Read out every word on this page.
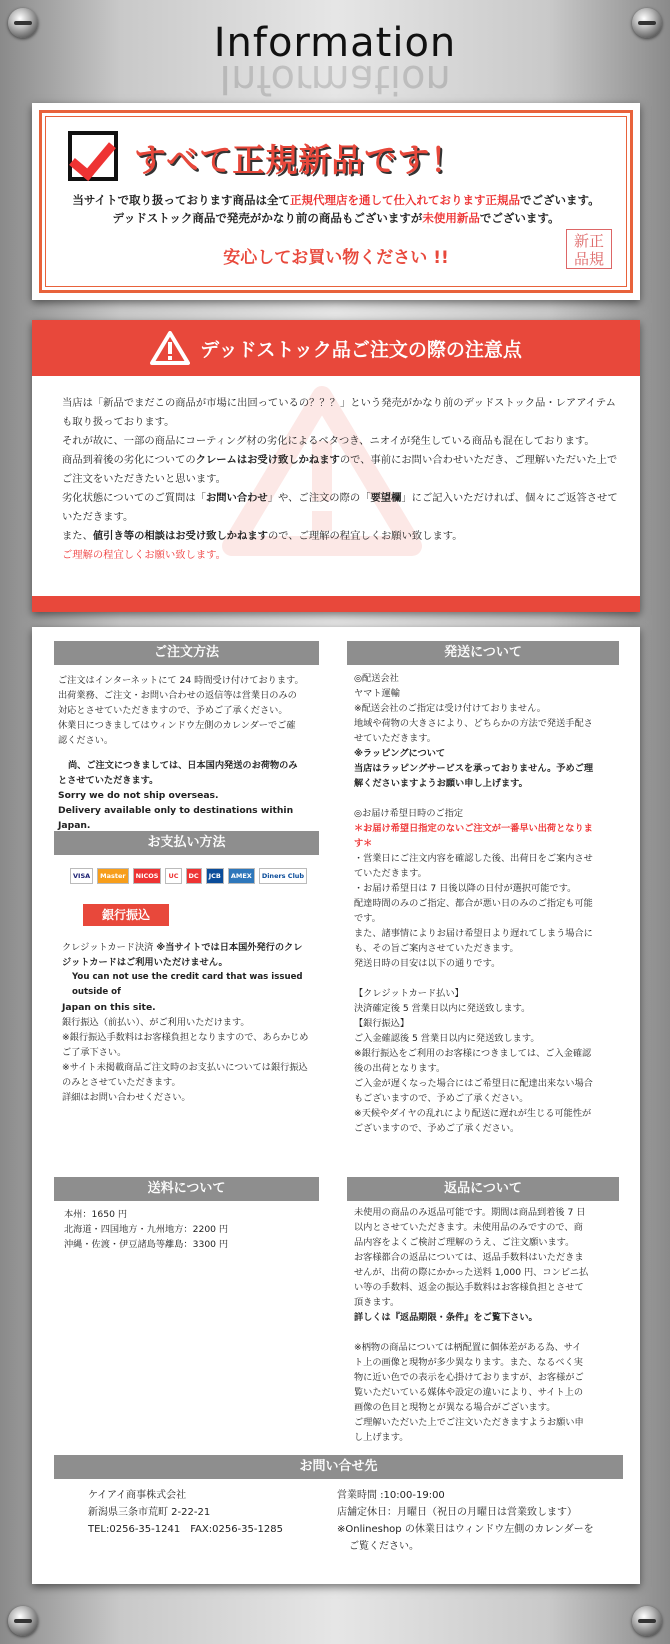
Information
Information
すべて正規新品です！
当サイトで取り扱っております商品は全て正規代理店を通して仕入れております正規品でございます。
デッドストック商品で発売がかなり前の商品もございますが未使用新品でございます。
安心してお買い物ください !!
新正
品規
デッドストック品ご注文の際の注意点

当店は「新品でまだこの商品が市場に出回っているの？？？」という発売がかなり前のデッドストック品・レアアイテムも取り扱っております。

それが故に、一部の商品にコーティング材の劣化によるベタつき、ニオイが発生している商品も混在しております。

商品到着後の劣化についてのクレームはお受け致しかねますので、事前にお問い合わせいただき、ご理解いただいた上でご注文をいただきたいと思います。

劣化状態についてのご質問は「お問い合わせ」や、ご注文の際の「要望欄」にご記入いただければ、個々にご返答させていただきます。

また、値引き等の相談はお受け致しかねますので、ご理解の程宜しくお願い致します。

ご理解の程宜しくお願い致します。

ご注文方法
ご注文はインターネットにて 24 時間受け付けております。
出荷業務、ご注文・お問い合わせの返信等は営業日のみの
対応とさせていただきますので、予めご了承ください。
休業日につきましてはウィンドウ左側のカレンダーでご確
認ください。
尚、ご注文につきましては、日本国内発送のお荷物のみ
とさせていただきます。
Sorry we do not ship overseas.
Delivery available only to destinations within Japan.
お支払い方法
VISA	Master	NICOS	UC	DC	JCB	AMEX	Diners Club
銀行振込
クレジットカード決済 ※当サイトでは日本国外発行のクレ
ジットカードはご利用いただけません。
You can not use the credit card that was issued outside of
Japan on this site.
銀行振込（前払い）、がご利用いただけます。
※銀行振込手数料はお客様負担となりますので、あらかじめ
ご了承下さい。
※サイト未掲載商品ご注文時のお支払いについては銀行振込
のみとさせていただきます。
詳細はお問い合わせください。
発送について
◎配送会社
ヤマト運輸
※配送会社のご指定は受け付けておりません。
地域や荷物の大きさにより、どちらかの方法で発送手配さ
せていただきます。
※ラッピングについて
当店はラッピングサービスを承っておりません。予めご理
解くださいますようお願い申し上げます。
◎お届け希望日時のご指定
＊お届け希望日指定のないご注文が一番早い出荷となりま
す＊
・営業日にご注文内容を確認した後、出荷日をご案内させ
ていただきます。
・お届け希望日は 7 日後以降の日付が選択可能です。
配達時間のみのご指定、都合が悪い日のみのご指定も可能
です。
また、諸事情によりお届け希望日より遅れてしまう場合に
も、その旨ご案内させていただきます。
発送日時の目安は以下の通りです。
【クレジットカード払い】
決済確定後 5 営業日以内に発送致します。
【銀行振込】
ご入金確認後 5 営業日以内に発送致します。
※銀行振込をご利用のお客様につきましては、ご入金確認
後の出荷となります。
ご入金が遅くなった場合にはご希望日に配達出来ない場合
もございますので、予めご了承ください。
※天候やダイヤの乱れにより配送に遅れが生じる可能性が
ございますので、予めご了承ください。
送料について
本州：1650 円
北海道・四国地方・九州地方：2200 円
沖縄・佐渡・伊豆諸島等離島：3300 円
返品について
未使用の商品のみ返品可能です。期間は商品到着後 7 日
以内とさせていただきます。未使用品のみですので、商
品内容をよくご検討ご理解のうえ、ご注文願います。
お客様都合の返品については、返品手数料はいただきま
せんが、出荷の際にかかった送料 1,000 円、コンビニ払
い等の手数料、返金の振込手数料はお客様負担とさせて
頂きます。
詳しくは『返品期限・条件』をご覧下さい。
※柄物の商品については柄配置に個体差がある為、サイ
ト上の画像と現物が多少異なります。また、なるべく実
物に近い色での表示を心掛けておりますが、お客様がご
覧いただいている媒体や設定の違いにより、サイト上の
画像の色目と現物とが異なる場合がございます。
ご理解いただいた上でご注文いただきますようお願い申
し上げます。
お問い合せ先
ケイアイ商事株式会社
新潟県三条市荒町 2-22-21
TEL:0256-35-1241　FAX:0256-35-1285
営業時間 :10:00-19:00
店舗定休日：月曜日（祝日の月曜日は営業致します）
※Onlineshop の休業日はウィンドウ左側のカレンダーを
ご覧ください。
